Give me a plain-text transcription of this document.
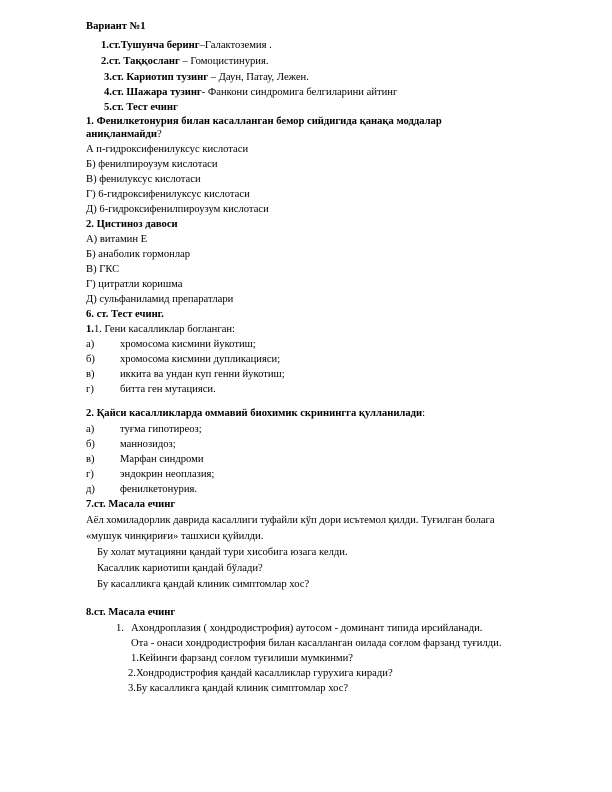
Вариант №1
1.ст.Тушунча беринг–Галактоземия .
2.ст. Таққосланг – Гомоцистинурия.
3.ст. Кариотип тузинг – Даун, Патау, Лежен.
4.ст. Шажара тузинг- Фанкони синдромига белгиларини айтинг
5.ст. Тест ечинг
1. Фенилкетонурия билан касалланган бемор сийдигида қанақа моддалар
аниқланмайди?
А п-гидроксифенилуксус кислотаси
Б) фенилпироузум кислотаси
В) фенилуксус кислотаси
Г) 6-гидроксифенилуксус кислотаси
Д) 6-гидроксифенилпироузум кислотаси
2. Цистиноз давоси
А) витамин Е
Б) анаболик гормонлар
В) ГКС
Г) цитратли коришма
Д) сульфаниламид препаратлари
6. ст. Тест ечинг.
1.1. Гени касалликлар богланган:
а) хромосома кисмини йукотиш;
б) хромосома кисмини дупликацияси;
в) иккита ва ундан куп генни йукотиш;
г) битта ген мутацияси.
2. Қайси касалликларда оммавий биохимик скринингга қулланилади:
а) туғма гипотиреоз;
б) маннозидоз;
в) Марфан синдроми
г) эндокрин неоплазия;
д) фенилкетонурия.
7.ст. Масала ечинг
Аёл хомиладорлик даврида касаллиги туфайли кўп дори исътемол қилди. Туғилган болага
«мушук чинқириғи» ташхиси қуйилди.
Бу холат мутацияни қандай тури хисобига юзага келди.
Касаллик кариотипи қандай бўлади?
Бу касалликга қандай клиник симптомлар хос?
8.ст. Масала ечинг
1. Ахондроплазия ( хондродистрофия) аутосом - доминант типида ирсийланади.
Ота - онаси хондродистрофия билан касалланган оилада соғлом фарзанд туғилди.
1.Кейинги фарзанд соғлом туғилиши мумкинми?
2.Хондродистрофия қандай касалликлар гурухига киради?
3.Бу касалликга қандай клиник симптомлар хос?
